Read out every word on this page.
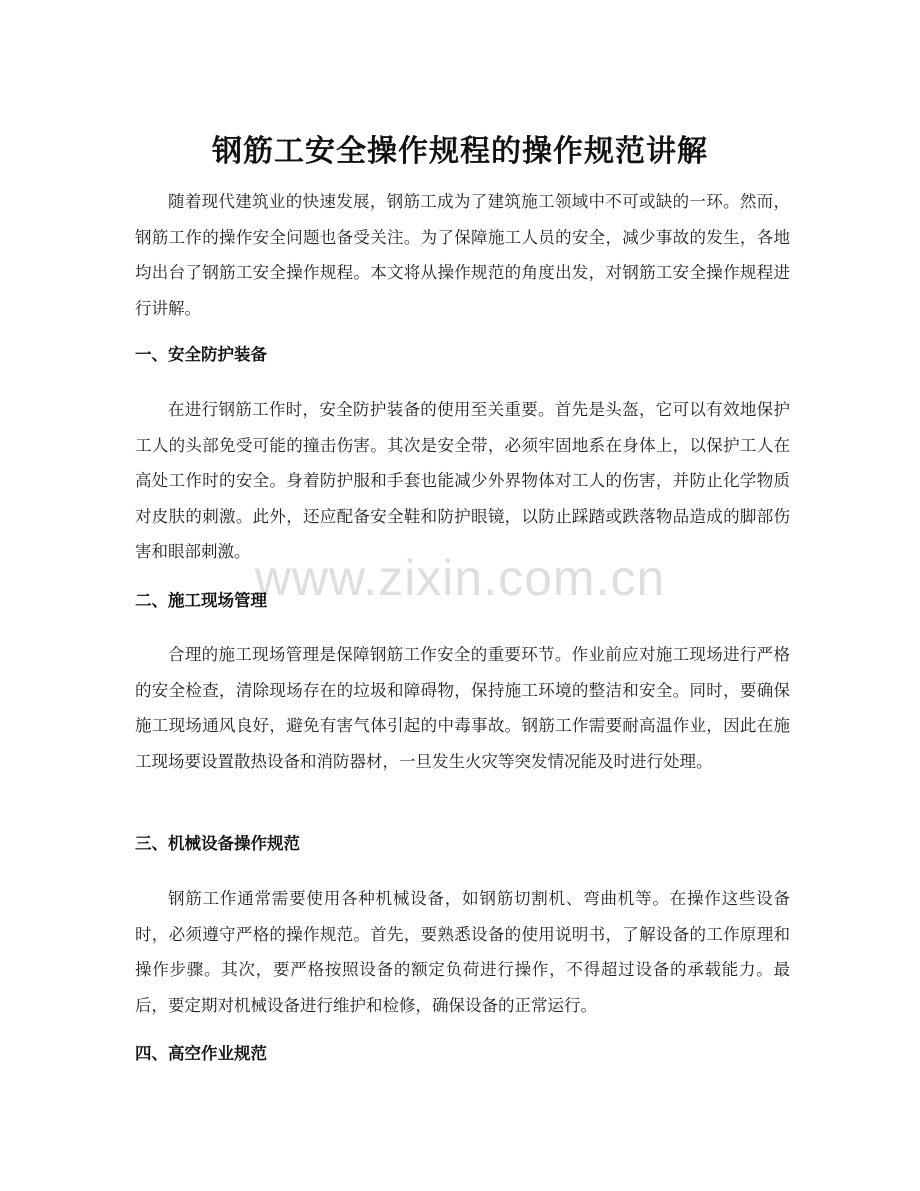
钢筋工安全操作规程的操作规范讲解

随着现代建筑业的快速发展，钢筋工成为了建筑施工领域中不可或缺的一环。然而，钢筋工作的操作安全问题也备受关注。为了保障施工人员的安全，减少事故的发生，各地均出台了钢筋工安全操作规程。本文将从操作规范的角度出发，对钢筋工安全操作规程进行讲解。

一、安全防护装备

在进行钢筋工作时，安全防护装备的使用至关重要。首先是头盔，它可以有效地保护工人的头部免受可能的撞击伤害。其次是安全带，必须牢固地系在身体上，以保护工人在高处工作时的安全。身着防护服和手套也能减少外界物体对工人的伤害，并防止化学物质对皮肤的刺激。此外，还应配备安全鞋和防护眼镜，以防止踩踏或跌落物品造成的脚部伤害和眼部刺激。

二、施工现场管理

合理的施工现场管理是保障钢筋工作安全的重要环节。作业前应对施工现场进行严格的安全检查，清除现场存在的垃圾和障碍物，保持施工环境的整洁和安全。同时，要确保施工现场通风良好，避免有害气体引起的中毒事故。钢筋工作需要耐高温作业，因此在施工现场要设置散热设备和消防器材，一旦发生火灾等突发情况能及时进行处理。

三、机械设备操作规范

钢筋工作通常需要使用各种机械设备，如钢筋切割机、弯曲机等。在操作这些设备时，必须遵守严格的操作规范。首先，要熟悉设备的使用说明书，了解设备的工作原理和操作步骤。其次，要严格按照设备的额定负荷进行操作，不得超过设备的承载能力。最后，要定期对机械设备进行维护和检修，确保设备的正常运行。

四、高空作业规范
www.zixin.com.cn
